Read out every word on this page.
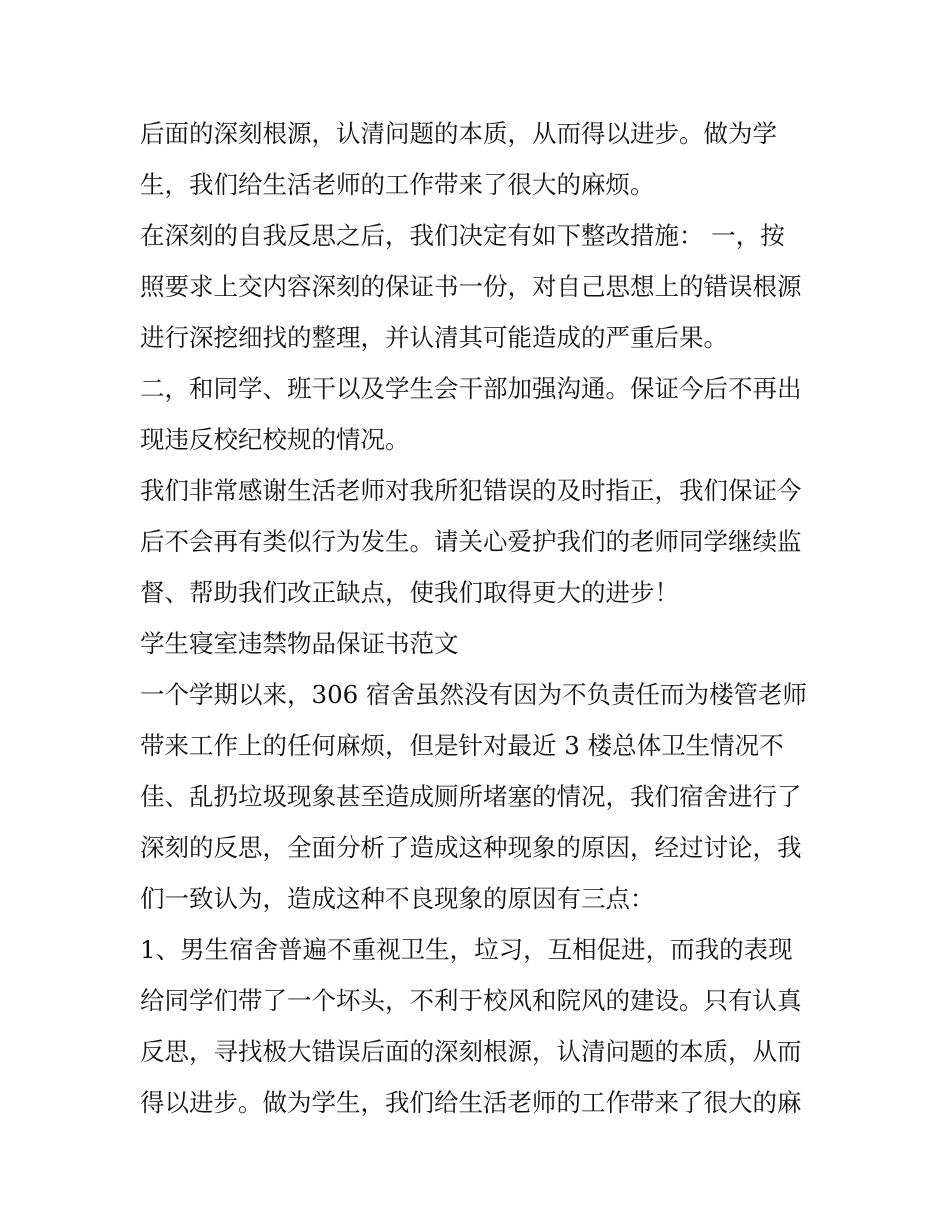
后面的深刻根源，认清问题的本质，从而得以进步。做为学
生，我们给生活老师的工作带来了很大的麻烦。
在深刻的自我反思之后，我们决定有如下整改措施： 一，按
照要求上交内容深刻的保证书一份，对自己思想上的错误根源
进行深挖细找的整理，并认清其可能造成的严重后果。
二，和同学、班干以及学生会干部加强沟通。保证今后不再出
现违反校纪校规的情况。
我们非常感谢生活老师对我所犯错误的及时指正，我们保证今
后不会再有类似行为发生。请关心爱护我们的老师同学继续监
督、帮助我们改正缺点，使我们取得更大的进步！
学生寝室违禁物品保证书范文
一个学期以来，306 宿舍虽然没有因为不负责任而为楼管老师
带来工作上的任何麻烦，但是针对最近 3 楼总体卫生情况不
佳、乱扔垃圾现象甚至造成厕所堵塞的情况，我们宿舍进行了
深刻的反思，全面分析了造成这种现象的原因，经过讨论，我
们一致认为，造成这种不良现象的原因有三点：
1、男生宿舍普遍不重视卫生，垃习，互相促进，而我的表现
给同学们带了一个坏头，不利于校风和院风的建设。只有认真
反思，寻找极大错误后面的深刻根源，认清问题的本质，从而
得以进步。做为学生，我们给生活老师的工作带来了很大的麻
